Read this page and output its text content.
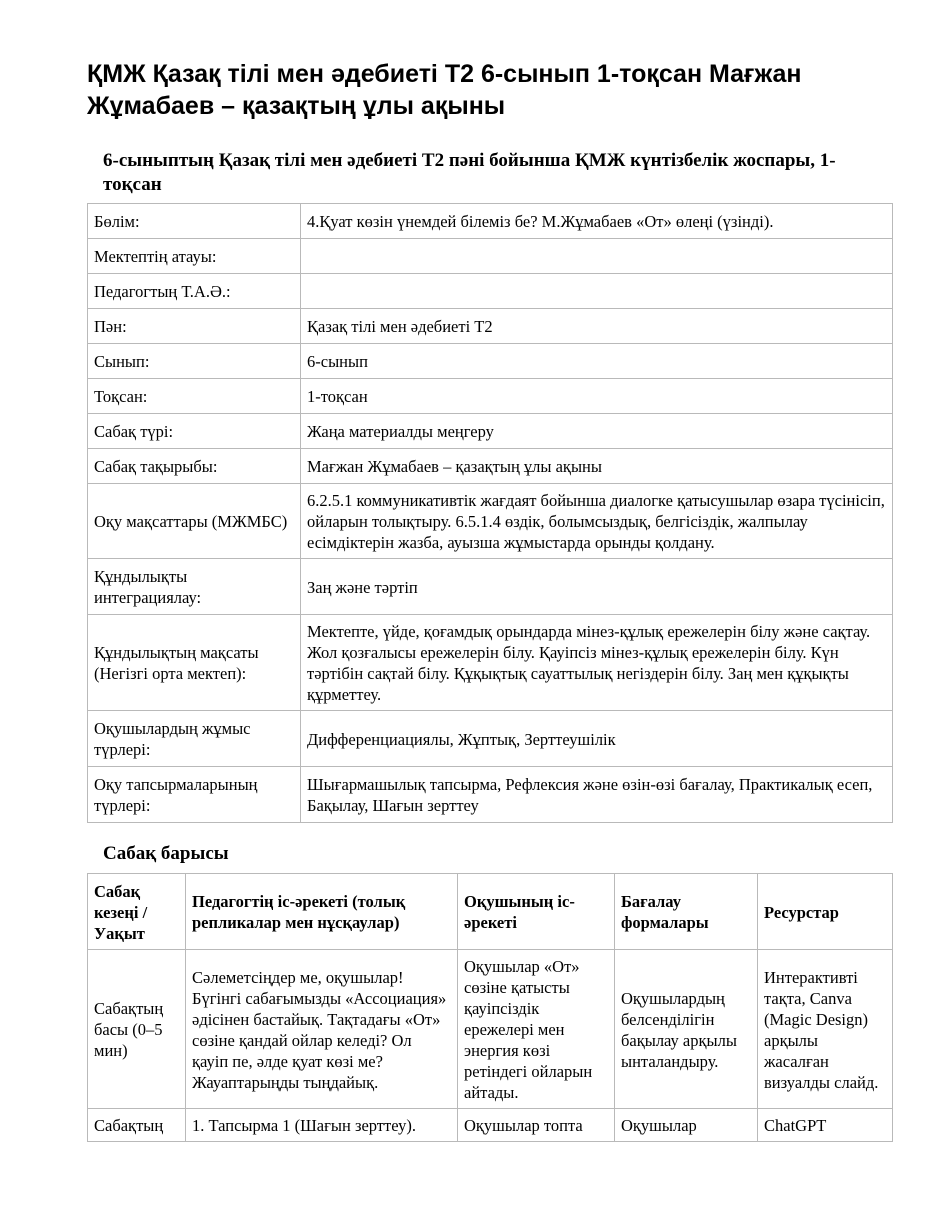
ҚМЖ Қазақ тілі мен әдебиеті Т2 6-сынып 1-тоқсан Мағжан Жұмабаев – қазақтың ұлы ақыны
6-сыныптың Қазақ тілі мен әдебиеті Т2 пәні бойынша ҚМЖ күнтізбелік жоспары, 1-тоқсан
Бөлім:	4.Қуат көзін үнемдей білеміз бе? М.Жұмабаев «От» өлеңі (үзінді).
Мектептің атауы:	
Педагогтың Т.А.Ә.:	
Пән:	Қазақ тілі мен әдебиеті Т2
Сынып:	6-сынып
Тоқсан:	1-тоқсан
Сабақ түрі:	Жаңа материалды меңгеру
Сабақ тақырыбы:	Мағжан Жұмабаев – қазақтың ұлы ақыны
Оқу мақсаттары (МЖМБС)	6.2.5.1 коммуникативтік жағдаят бойынша диалогке қатысушылар өзара түсінісіп, ойларын толықтыру. 6.5.1.4 өздік, болымсыздық, белгісіздік, жалпылау есімдіктерін жазба, ауызша жұмыстарда орынды қолдану.
Құндылықты интеграциялау:	Заң және тәртіп
Құндылықтың мақсаты (Негізгі орта мектеп):	Мектепте, үйде, қоғамдық орындарда мінез-құлық ережелерін білу және сақтау. Жол қозғалысы ережелерін білу. Қауіпсіз мінез-құлық ережелерін білу. Күн тәртібін сақтай білу. Құқықтық сауаттылық негіздерін білу. Заң мен құқықты құрметтеу.
Оқушылардың жұмыс түрлері:	Дифференциациялы, Жұптық, Зерттеушілік
Оқу тапсырмаларының түрлері:	Шығармашылық тапсырма, Рефлексия және өзін-өзі бағалау, Практикалық есеп, Бақылау, Шағын зерттеу
Сабақ барысы
Сабақ кезеңі / Уақыт	Педагогтің іс-әрекеті (толық репликалар мен нұсқаулар)	Оқушының іс-әрекеті	Бағалау формалары	Ресурстар
Сабақтың басы (0–5 мин)	Сәлеметсіңдер ме, оқушылар! Бүгінгі сабағымызды «Ассоциация» әдісінен бастайық. Тақтадағы «От» сөзіне қандай ойлар келеді? Ол қауіп пе, әлде қуат көзі ме? Жауаптарыңды тыңдайық.	Оқушылар «От» сөзіне қатысты қауіпсіздік ережелері мен энергия көзі ретіндегі ойларын айтады.	Оқушылардың белсенділігін бақылау арқылы ынталандыру.	Интерактивті тақта, Canva (Magic Design) арқылы жасалған визуалды слайд.
Сабақтың	1. Тапсырма 1 (Шағын зерттеу).	Оқушылар топта	Оқушылар	ChatGPT
